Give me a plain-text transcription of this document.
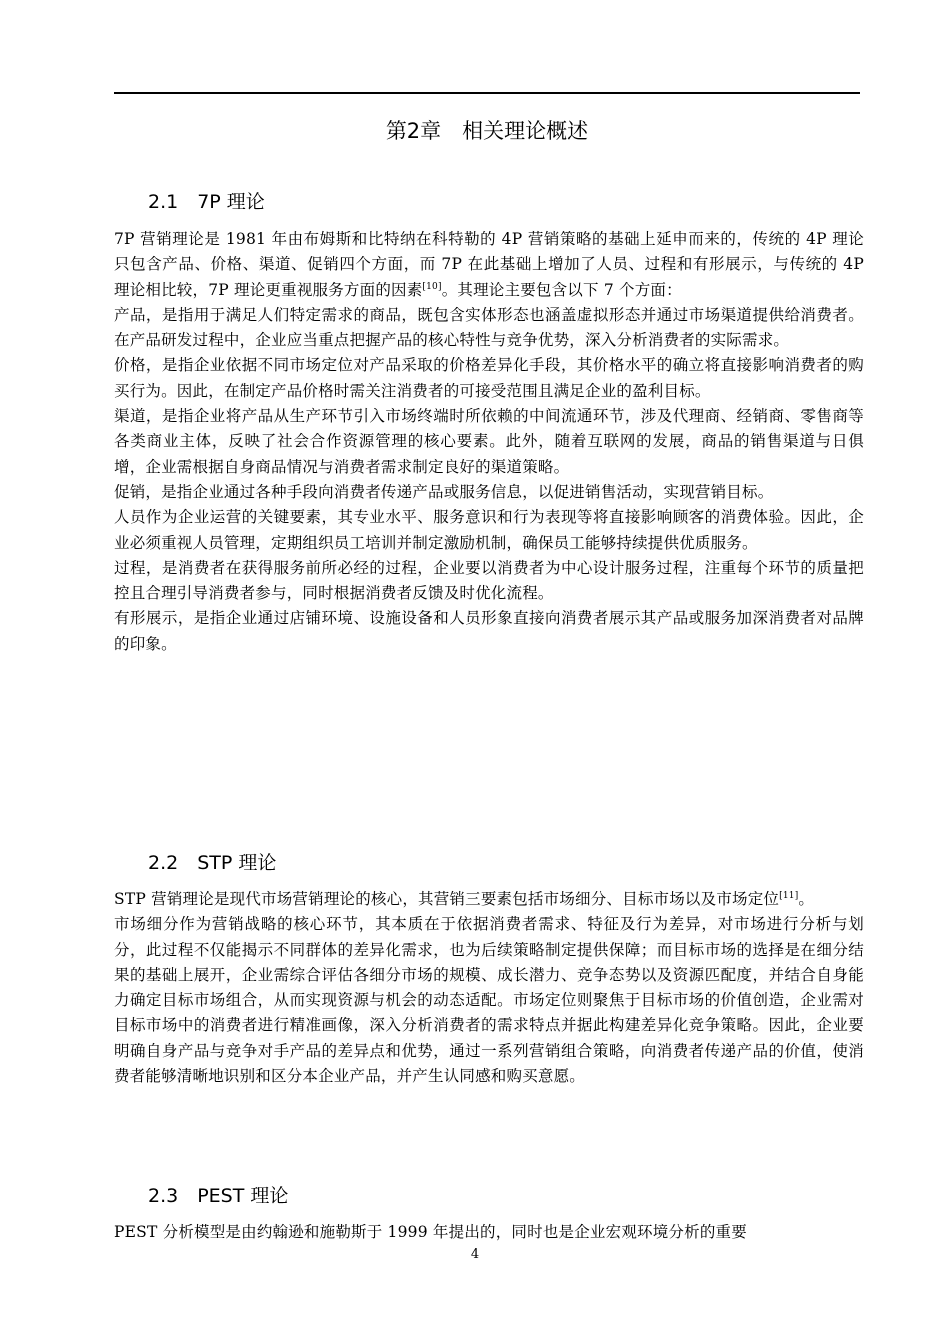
第2章　相关理论概述
2.1　7P 理论

7P 营销理论是 1981 年由布姆斯和比特纳在科特勒的 4P 营销策略的基础上延申而来的，传统的 4P 理论只包含产品、价格、渠道、促销四个方面，而 7P 在此基础上增加了人员、过程和有形展示，与传统的 4P 理论相比较，7P 理论更重视服务方面的因素[10]。其理论主要包含以下 7 个方面：

产品，是指用于满足人们特定需求的商品，既包含实体形态也涵盖虚拟形态并通过市场渠道提供给消费者。在产品研发过程中，企业应当重点把握产品的核心特性与竞争优势，深入分析消费者的实际需求。

价格，是指企业依据不同市场定位对产品采取的价格差异化手段，其价格水平的确立将直接影响消费者的购买行为。因此，在制定产品价格时需关注消费者的可接受范围且满足企业的盈利目标。

渠道，是指企业将产品从生产环节引入市场终端时所依赖的中间流通环节，涉及代理商、经销商、零售商等各类商业主体，反映了社会合作资源管理的核心要素。此外，随着互联网的发展，商品的销售渠道与日俱增，企业需根据自身商品情况与消费者需求制定良好的渠道策略。

促销，是指企业通过各种手段向消费者传递产品或服务信息，以促进销售活动，实现营销目标。

人员作为企业运营的关键要素，其专业水平、服务意识和行为表现等将直接影响顾客的消费体验。因此，企业必须重视人员管理，定期组织员工培训并制定激励机制，确保员工能够持续提供优质服务。

过程，是消费者在获得服务前所必经的过程，企业要以消费者为中心设计服务过程，注重每个环节的质量把控且合理引导消费者参与，同时根据消费者反馈及时优化流程。

有形展示，是指企业通过店铺环境、设施设备和人员形象直接向消费者展示其产品或服务加深消费者对品牌的印象。

2.2　STP 理论

STP 营销理论是现代市场营销理论的核心，其营销三要素包括市场细分、目标市场以及市场定位[11]。

市场细分作为营销战略的核心环节，其本质在于依据消费者需求、特征及行为差异，对市场进行分析与划分，此过程不仅能揭示不同群体的差异化需求，也为后续策略制定提供保障；而目标市场的选择是在细分结果的基础上展开，企业需综合评估各细分市场的规模、成长潜力、竞争态势以及资源匹配度，并结合自身能力确定目标市场组合，从而实现资源与机会的动态适配。市场定位则聚焦于目标市场的价值创造，企业需对目标市场中的消费者进行精准画像，深入分析消费者的需求特点并据此构建差异化竞争策略。因此，企业要明确自身产品与竞争对手产品的差异点和优势，通过一系列营销组合策略，向消费者传递产品的价值，使消费者能够清晰地识别和区分本企业产品，并产生认同感和购买意愿。

2.3　PEST 理论

PEST 分析模型是由约翰逊和施勒斯于 1999 年提出的，同时也是企业宏观环境分析的重要

4
